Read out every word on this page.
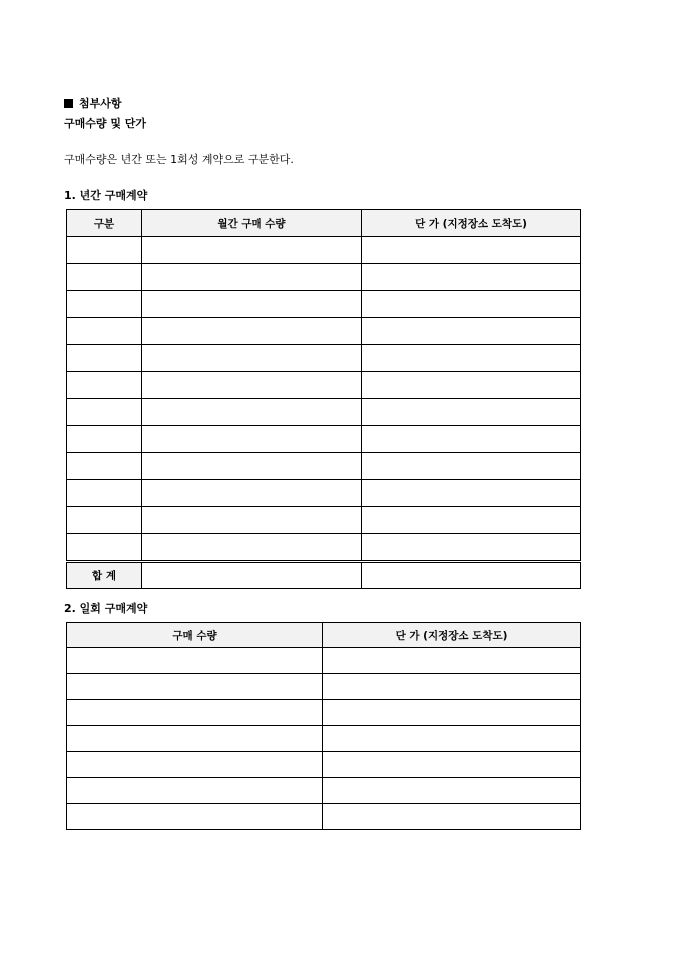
첨부사항
구매수량 및 단가
구매수량은 년간 또는 1회성 계약으로 구분한다.
1. 년간 구매계약
구분	월간 구매 수량	단 가 (지정장소 도착도)

합 계		
2. 일회 구매계약
구매 수량	단 가 (지정장소 도착도)
